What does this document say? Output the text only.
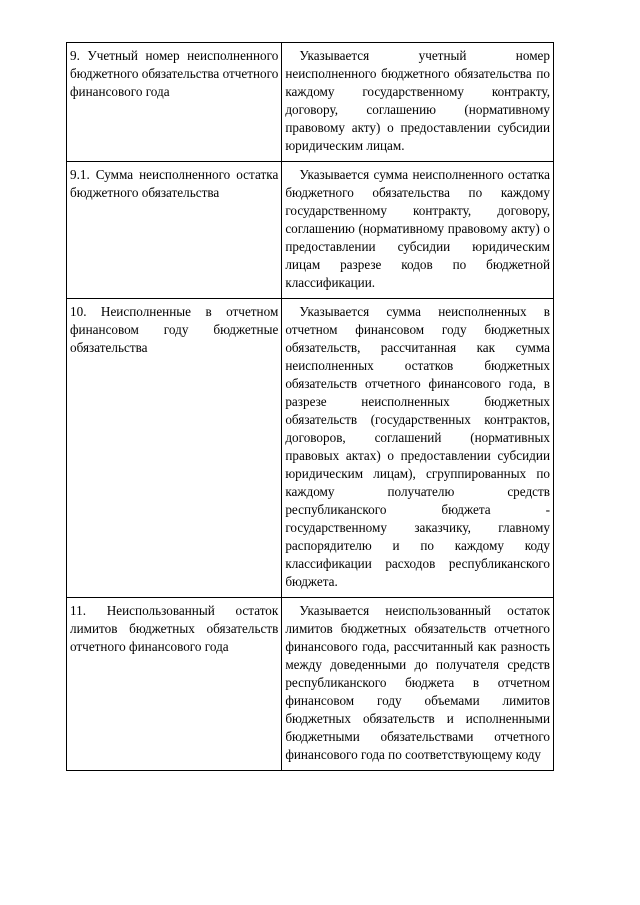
9. Учетный номер неисполненного бюджетного обязательства отчетного финансового года	Указывается учетный номер неисполненного бюджетного обязательства по каждому государственному контракту, договору, соглашению (нормативному правовому акту) о предоставлении субсидии юридическим лицам.

9.1. Сумма неисполненного остатка бюджетного обязательства	Указывается сумма неисполненного остатка бюджетного обязательства по каждому государственному контракту, договору, соглашению (нормативному правовому акту) о предоставлении субсидии юридическим лицам разрезе кодов по бюджетной классификации.

10. Неисполненные в отчетном финансовом году бюджетные обязательства	Указывается сумма неисполненных в отчетном финансовом году бюджетных обязательств, рассчитанная как сумма неисполненных остатков бюджетных обязательств отчетного финансового года, в разрезе неисполненных бюджетных обязательств (государственных контрактов, договоров, соглашений (нормативных правовых актах) о предоставлении субсидии юридическим лицам), сгруппированных по каждому получателю средств республиканского бюджета - государственному заказчику, главному распорядителю и по каждому коду классификации расходов республиканского бюджета.

11. Неиспользованный остаток лимитов бюджетных обязательств отчетного финансового года	Указывается неиспользованный остаток лимитов бюджетных обязательств отчетного финансового года, рассчитанный как разность между доведенными до получателя средств республиканского бюджета в отчетном финансовом году объемами лимитов бюджетных обязательств и исполненными бюджетными обязательствами отчетного финансового года по соответствующему коду
